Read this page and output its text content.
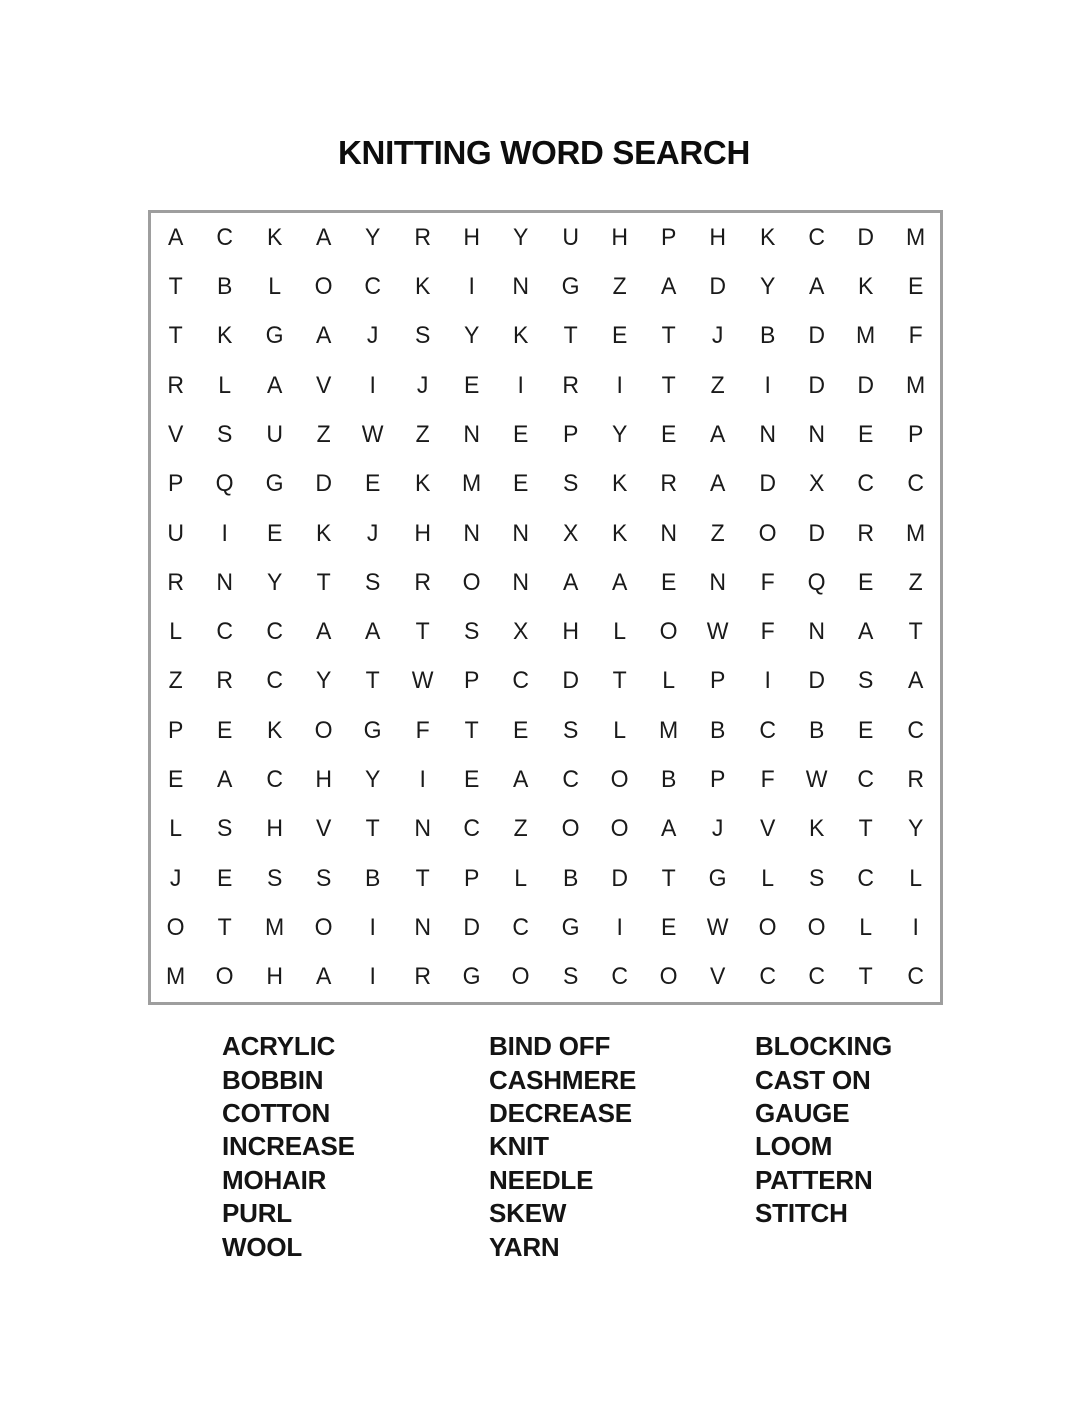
KNITTING WORD SEARCH
A	C	K	A	Y	R	H	Y	U	H	P	H	K	C	D	M
T	B	L	O	C	K	I	N	G	Z	A	D	Y	A	K	E
T	K	G	A	J	S	Y	K	T	E	T	J	B	D	M	F
R	L	A	V	I	J	E	I	R	I	T	Z	I	D	D	M
V	S	U	Z	W	Z	N	E	P	Y	E	A	N	N	E	P
P	Q	G	D	E	K	M	E	S	K	R	A	D	X	C	C
U	I	E	K	J	H	N	N	X	K	N	Z	O	D	R	M
R	N	Y	T	S	R	O	N	A	A	E	N	F	Q	E	Z
L	C	C	A	A	T	S	X	H	L	O	W	F	N	A	T
Z	R	C	Y	T	W	P	C	D	T	L	P	I	D	S	A
P	E	K	O	G	F	T	E	S	L	M	B	C	B	E	C
E	A	C	H	Y	I	E	A	C	O	B	P	F	W	C	R
L	S	H	V	T	N	C	Z	O	O	A	J	V	K	T	Y
J	E	S	S	B	T	P	L	B	D	T	G	L	S	C	L
O	T	M	O	I	N	D	C	G	I	E	W	O	O	L	I
M	O	H	A	I	R	G	O	S	C	O	V	C	C	T	C
ACRYLIC
BOBBIN
COTTON
INCREASE
MOHAIR
PURL
WOOL
BIND OFF
CASHMERE
DECREASE
KNIT
NEEDLE
SKEW
YARN
BLOCKING
CAST ON
GAUGE
LOOM
PATTERN
STITCH
